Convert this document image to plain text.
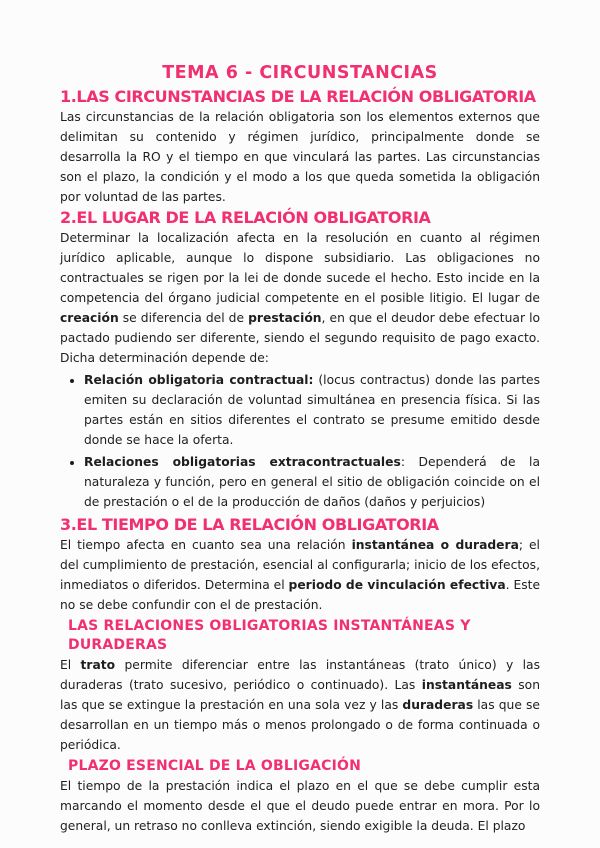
TEMA 6 - CIRCUNSTANCIAS
1.LAS CIRCUNSTANCIAS DE LA RELACIÓN OBLIGATORIA

Las circunstancias de la relación obligatoria son los elementos externos que delimitan su contenido y régimen jurídico, principalmente donde se desarrolla la RO y el tiempo en que vinculará las partes. Las circunstancias son el plazo, la condición y el modo a los que queda sometida la obligación por voluntad de las partes.

2.EL LUGAR DE LA RELACIÓN OBLIGATORIA

Determinar la localización afecta en la resolución en cuanto al régimen jurídico aplicable, aunque lo dispone subsidiario. Las obligaciones no contractuales se rigen por la lei de donde sucede el hecho. Esto incide en la competencia del órgano judicial competente en el posible litigio. El lugar de creación se diferencia del de prestación, en que el deudor debe efectuar lo pactado pudiendo ser diferente, siendo el segundo requisito de pago exacto. Dicha determinación depende de:

• Relación obligatoria contractual: (locus contractus) donde las partes emiten su declaración de voluntad simultánea en presencia física. Si las partes están en sitios diferentes el contrato se presume emitido desde donde se hace la oferta.
• Relaciones obligatorias extracontractuales: Dependerá de la naturaleza y función, pero en general el sitio de obligación coincide on el de prestación o el de la producción de daños (daños y perjuicios)
3.EL TIEMPO DE LA RELACIÓN OBLIGATORIA

El tiempo afecta en cuanto sea una relación instantánea o duradera; el del cumplimiento de prestación, esencial al configurarla; inicio de los efectos, inmediatos o diferidos. Determina el periodo de vinculación efectiva. Este no se debe confundir con el de prestación.

LAS RELACIONES OBLIGATORIAS INSTANTÁNEAS Y DURADERAS

El trato permite diferenciar entre las instantáneas (trato único) y las duraderas (trato sucesivo, periódico o continuado). Las instantáneas son las que se extingue la prestación en una sola vez y las duraderas las que se desarrollan en un tiempo más o menos prolongado o de forma continuada o periódica.

PLAZO ESENCIAL DE LA OBLIGACIÓN

El tiempo de la prestación indica el plazo en el que se debe cumplir esta marcando el momento desde el que el deudo puede entrar en mora. Por lo general, un retraso no conlleva extinción, siendo exigible la deuda. El plazo
